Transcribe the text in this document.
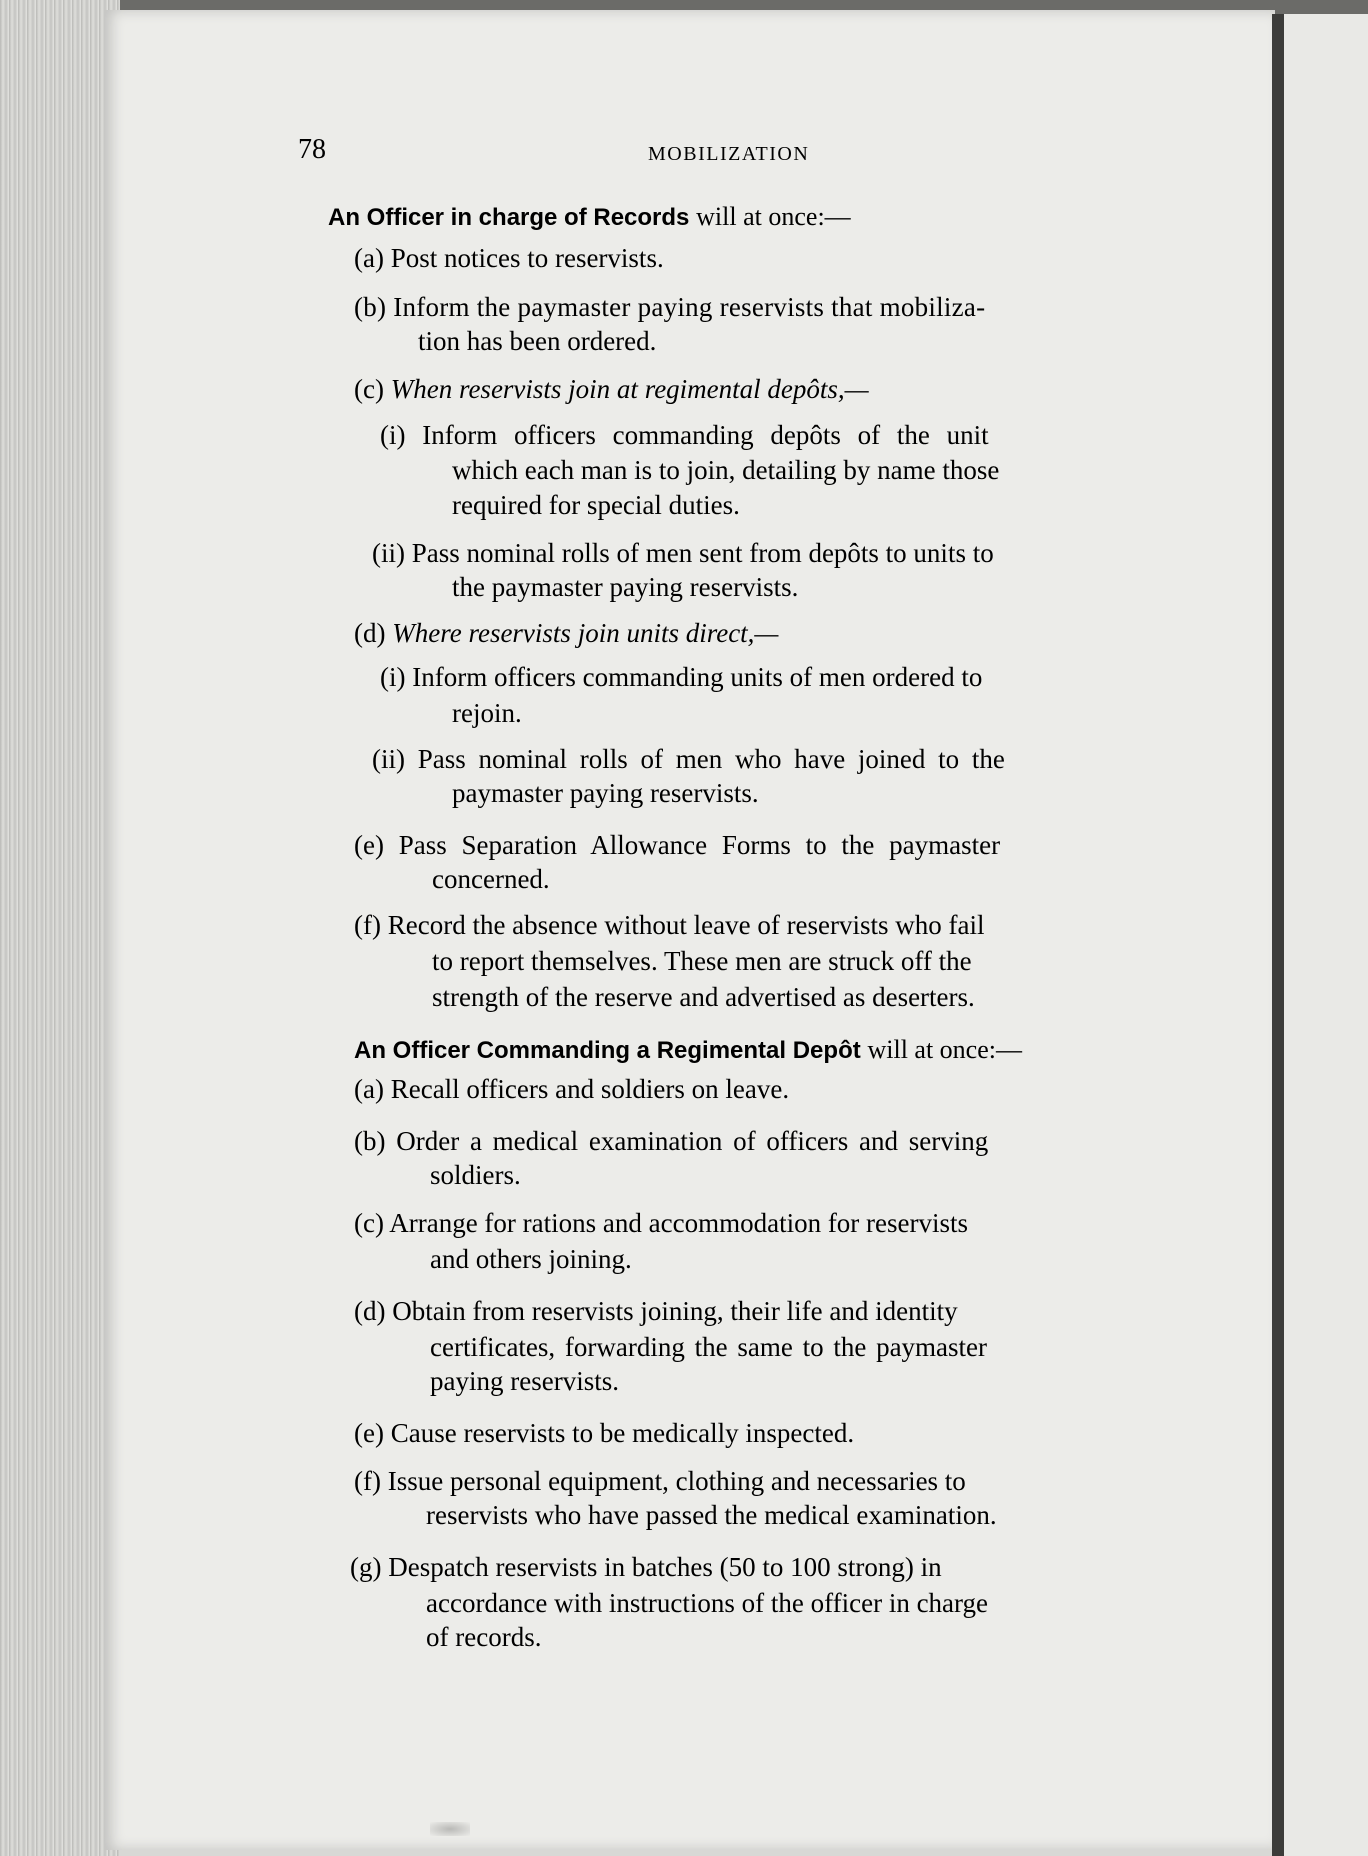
78	MOBILIZATION
An Officer in charge of Records will at once:—
(a) Post notices to reservists.
(b) Inform the paymaster paying reservists that mobiliza-
tion has been ordered.
(c) When reservists join at regimental depôts,—
(i) Inform officers commanding depôts of the unit
which each man is to join, detailing by name those
required for special duties.
(ii) Pass nominal rolls of men sent from depôts to units to
the paymaster paying reservists.
(d) Where reservists join units direct,—
(i) Inform officers commanding units of men ordered to
rejoin.
(ii) Pass nominal rolls of men who have joined to the
paymaster paying reservists.
(e) Pass Separation Allowance Forms to the paymaster
concerned.
(f) Record the absence without leave of reservists who fail
to report themselves. These men are struck off the
strength of the reserve and advertised as deserters.
An Officer Commanding a Regimental Depôt will at once:—
(a) Recall officers and soldiers on leave.
(b) Order a medical examination of officers and serving
soldiers.
(c) Arrange for rations and accommodation for reservists
and others joining.
(d) Obtain from reservists joining, their life and identity
certificates, forwarding the same to the paymaster
paying reservists.
(e) Cause reservists to be medically inspected.
(f) Issue personal equipment, clothing and necessaries to
reservists who have passed the medical examination.
(g) Despatch reservists in batches (50 to 100 strong) in
accordance with instructions of the officer in charge
of records.
